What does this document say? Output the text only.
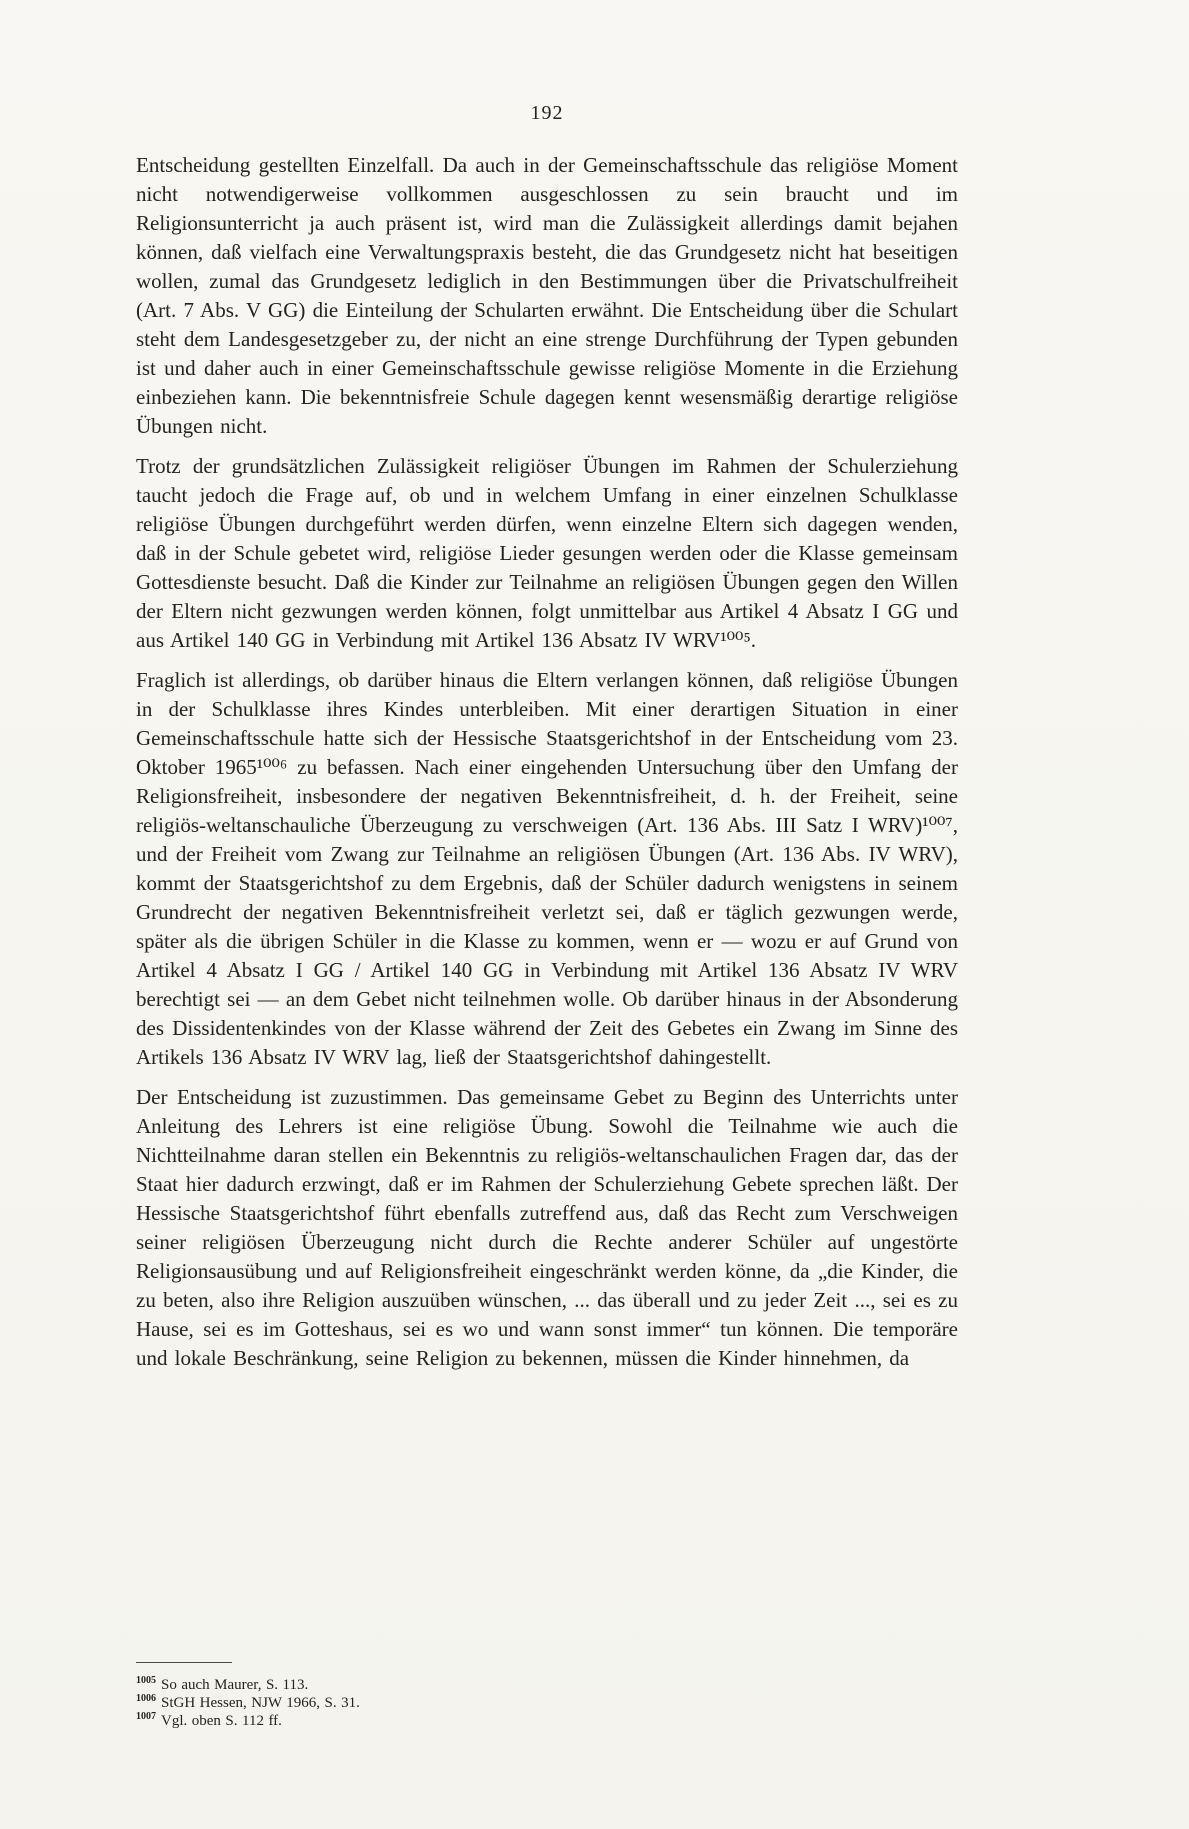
192

Entscheidung gestellten Einzelfall. Da auch in der Gemeinschaftsschule das religiöse Moment nicht notwendigerweise vollkommen ausgeschlossen zu sein braucht und im Religionsunterricht ja auch präsent ist, wird man die Zulässigkeit allerdings damit bejahen können, daß vielfach eine Verwaltungspraxis besteht, die das Grundgesetz nicht hat beseitigen wollen, zumal das Grundgesetz lediglich in den Bestimmungen über die Privatschulfreiheit (Art. 7 Abs. V GG) die Einteilung der Schularten erwähnt. Die Entscheidung über die Schulart steht dem Landesgesetzgeber zu, der nicht an eine strenge Durchführung der Typen gebunden ist und daher auch in einer Gemeinschaftsschule gewisse religiöse Momente in die Erziehung einbeziehen kann. Die bekenntnisfreie Schule dagegen kennt wesensmäßig derartige religiöse Übungen nicht.

Trotz der grundsätzlichen Zulässigkeit religiöser Übungen im Rahmen der Schulerziehung taucht jedoch die Frage auf, ob und in welchem Umfang in einer einzelnen Schulklasse religiöse Übungen durchgeführt werden dürfen, wenn einzelne Eltern sich dagegen wenden, daß in der Schule gebetet wird, religiöse Lieder gesungen werden oder die Klasse gemeinsam Gottesdienste besucht. Daß die Kinder zur Teilnahme an religiösen Übungen gegen den Willen der Eltern nicht gezwungen werden können, folgt unmittelbar aus Artikel 4 Absatz I GG und aus Artikel 140 GG in Verbindung mit Artikel 136 Absatz IV WRV¹⁰⁰⁵.

Fraglich ist allerdings, ob darüber hinaus die Eltern verlangen können, daß religiöse Übungen in der Schulklasse ihres Kindes unterbleiben. Mit einer derartigen Situation in einer Gemeinschaftsschule hatte sich der Hessische Staatsgerichtshof in der Entscheidung vom 23. Oktober 1965¹⁰⁰⁶ zu befassen. Nach einer eingehenden Untersuchung über den Umfang der Religionsfreiheit, insbesondere der negativen Bekenntnisfreiheit, d. h. der Freiheit, seine religiös-weltanschauliche Überzeugung zu verschweigen (Art. 136 Abs. III Satz I WRV)¹⁰⁰⁷, und der Freiheit vom Zwang zur Teilnahme an religiösen Übungen (Art. 136 Abs. IV WRV), kommt der Staatsgerichtshof zu dem Ergebnis, daß der Schüler dadurch wenigstens in seinem Grundrecht der negativen Bekenntnisfreiheit verletzt sei, daß er täglich gezwungen werde, später als die übrigen Schüler in die Klasse zu kommen, wenn er — wozu er auf Grund von Artikel 4 Absatz I GG / Artikel 140 GG in Verbindung mit Artikel 136 Absatz IV WRV berechtigt sei — an dem Gebet nicht teilnehmen wolle. Ob darüber hinaus in der Absonderung des Dissidentenkindes von der Klasse während der Zeit des Gebetes ein Zwang im Sinne des Artikels 136 Absatz IV WRV lag, ließ der Staatsgerichtshof dahingestellt.

Der Entscheidung ist zuzustimmen. Das gemeinsame Gebet zu Beginn des Unterrichts unter Anleitung des Lehrers ist eine religiöse Übung. Sowohl die Teilnahme wie auch die Nichtteilnahme daran stellen ein Bekenntnis zu religiös-weltanschaulichen Fragen dar, das der Staat hier dadurch erzwingt, daß er im Rahmen der Schulerziehung Gebete sprechen läßt. Der Hessische Staatsgerichtshof führt ebenfalls zutreffend aus, daß das Recht zum Verschweigen seiner religiösen Überzeugung nicht durch die Rechte anderer Schüler auf ungestörte Religionsausübung und auf Religionsfreiheit eingeschränkt werden könne, da „die Kinder, die zu beten, also ihre Religion auszuüben wünschen, ... das überall und zu jeder Zeit ..., sei es zu Hause, sei es im Gotteshaus, sei es wo und wann sonst immer“ tun können. Die temporäre und lokale Beschränkung, seine Religion zu bekennen, müssen die Kinder hinnehmen, da

$^{1005}$ So auch Maurer, S. 113.
$^{1006}$ StGH Hessen, NJW 1966, S. 31.
$^{1007}$ Vgl. oben S. 112 ff.
